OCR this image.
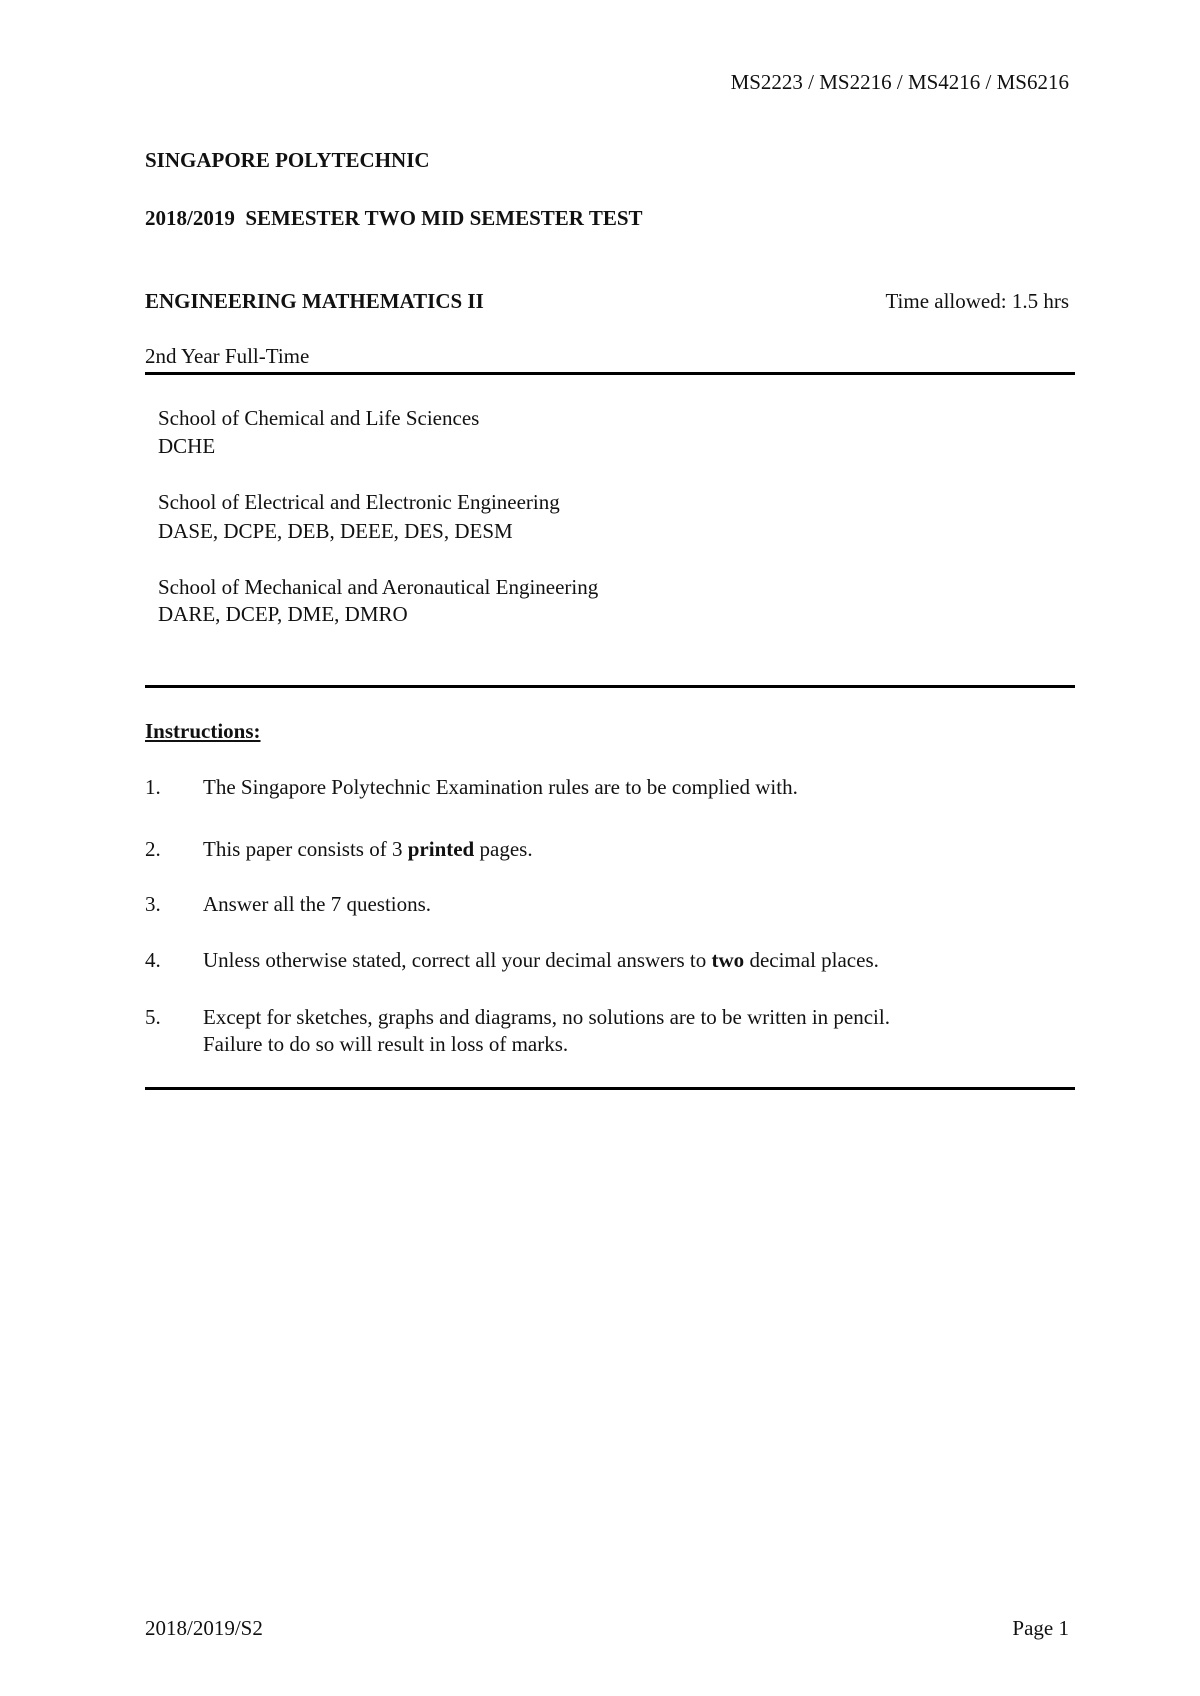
MS2223 / MS2216 / MS4216 / MS6216
SINGAPORE POLYTECHNIC
2018/2019  SEMESTER TWO MID SEMESTER TEST
ENGINEERING MATHEMATICS II	Time allowed: 1.5 hrs
2nd Year Full-Time
School of Chemical and Life Sciences
DCHE
School of Electrical and Electronic Engineering
DASE, DCPE, DEB, DEEE, DES, DESM
School of Mechanical and Aeronautical Engineering
DARE, DCEP, DME, DMRO
Instructions:
1. The Singapore Polytechnic Examination rules are to be complied with.
2. This paper consists of 3 printed pages.
3. Answer all the 7 questions.
4. Unless otherwise stated, correct all your decimal answers to two decimal places.
5. Except for sketches, graphs and diagrams, no solutions are to be written in pencil.
Failure to do so will result in loss of marks.
2018/2019/S2	Page 1
